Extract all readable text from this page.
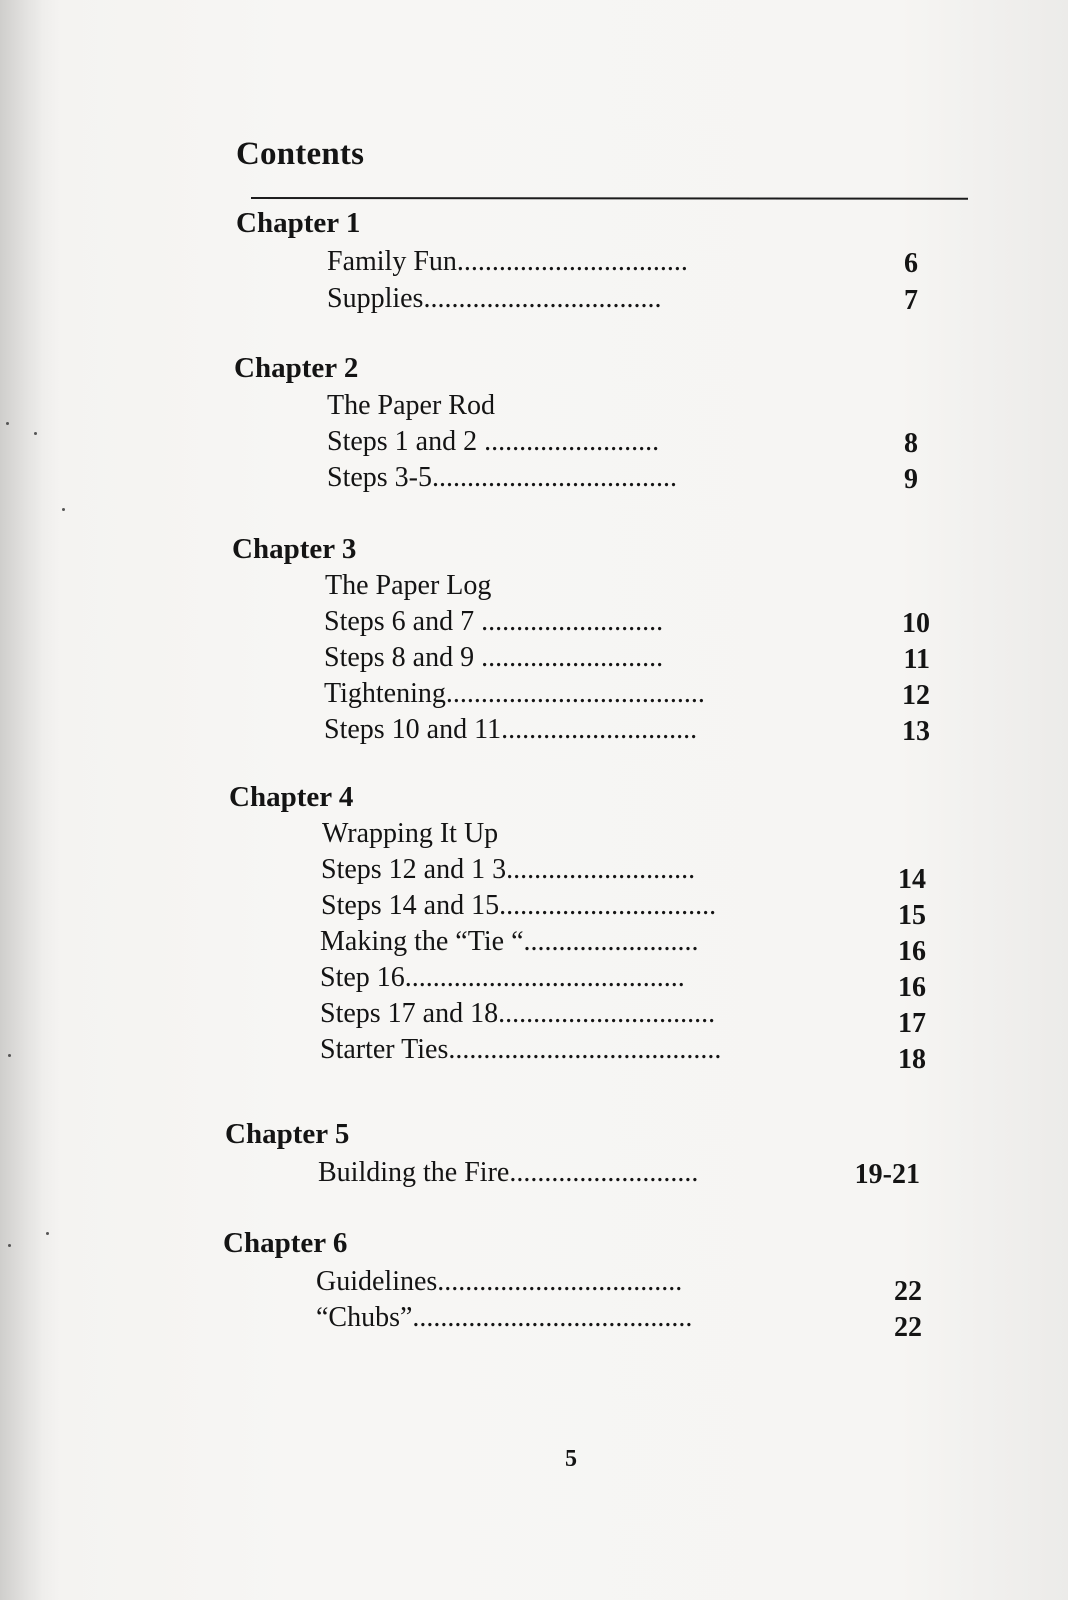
Contents
Chapter 1
Family Fun.................................	6
Supplies..................................	7
Chapter 2
The Paper Rod
Steps 1 and 2 .........................	8
Steps 3-5...................................	9
Chapter 3
The Paper Log
Steps 6 and 7 ..........................	10
Steps 8 and 9 ..........................	11
Tightening.....................................	12
Steps 10 and 11............................	13
Chapter 4
Wrapping It Up
Steps 12 and 1 3...........................	14
Steps 14 and 15...............................	15
Making the “Tie “.........................	16
Step 16........................................	16
Steps 17 and 18...............................	17
Starter Ties.......................................	18
Chapter 5
Building the Fire...........................	19-21
Chapter 6
Guidelines...................................	22
“Chubs”........................................	22
5
